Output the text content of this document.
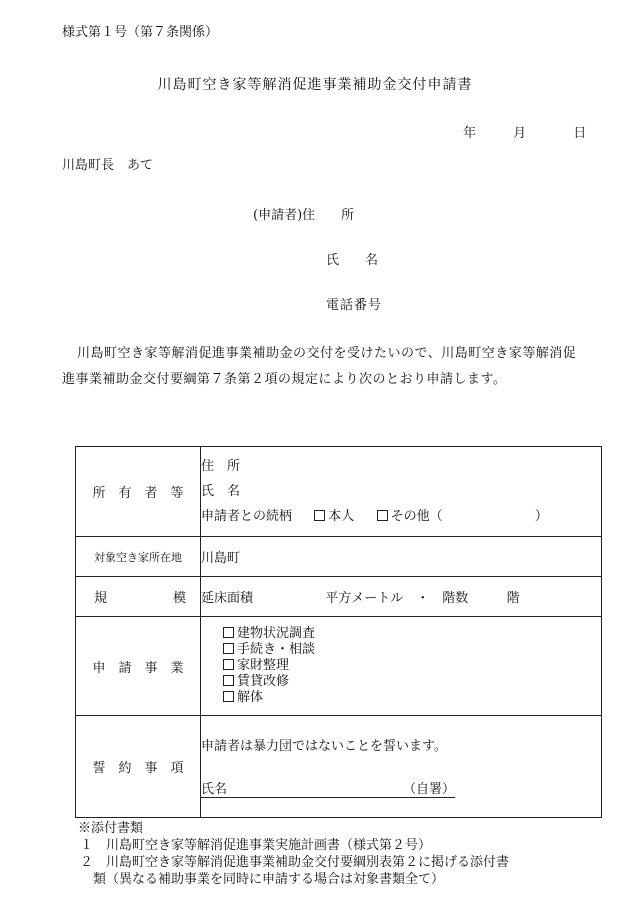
様式第１号（第７条関係）
川島町空き家等解消促進事業補助金交付申請書
年	月	日
川島町長　あて
(申請者)住　　所
氏　　名
電話番号
川島町空き家等解消促進事業補助金の交付を受けたいので、川島町空き家等解消促進事業補助金交付要綱第７条第２項の規定により次のとおり申請します。
所　有　者　等	住　所
氏　名
申請者との続柄 本人 その他（ ）

対象空き家所在地	川島町

規 模	延床面積 平方メートル　・　階数 階
申　請　事　業	建物状況調査
手続き・相談
家財整理
賃貸改修
解体

誓　約　事　項	申請者は暴力団ではないことを誓います。
氏名 （自署）
※添付書類
１　川島町空き家等解消促進事業実施計画書（様式第２号）
２　川島町空き家等解消促進事業補助金交付要綱別表第２に掲げる添付書
　類（異なる補助事業を同時に申請する場合は対象書類全て）
